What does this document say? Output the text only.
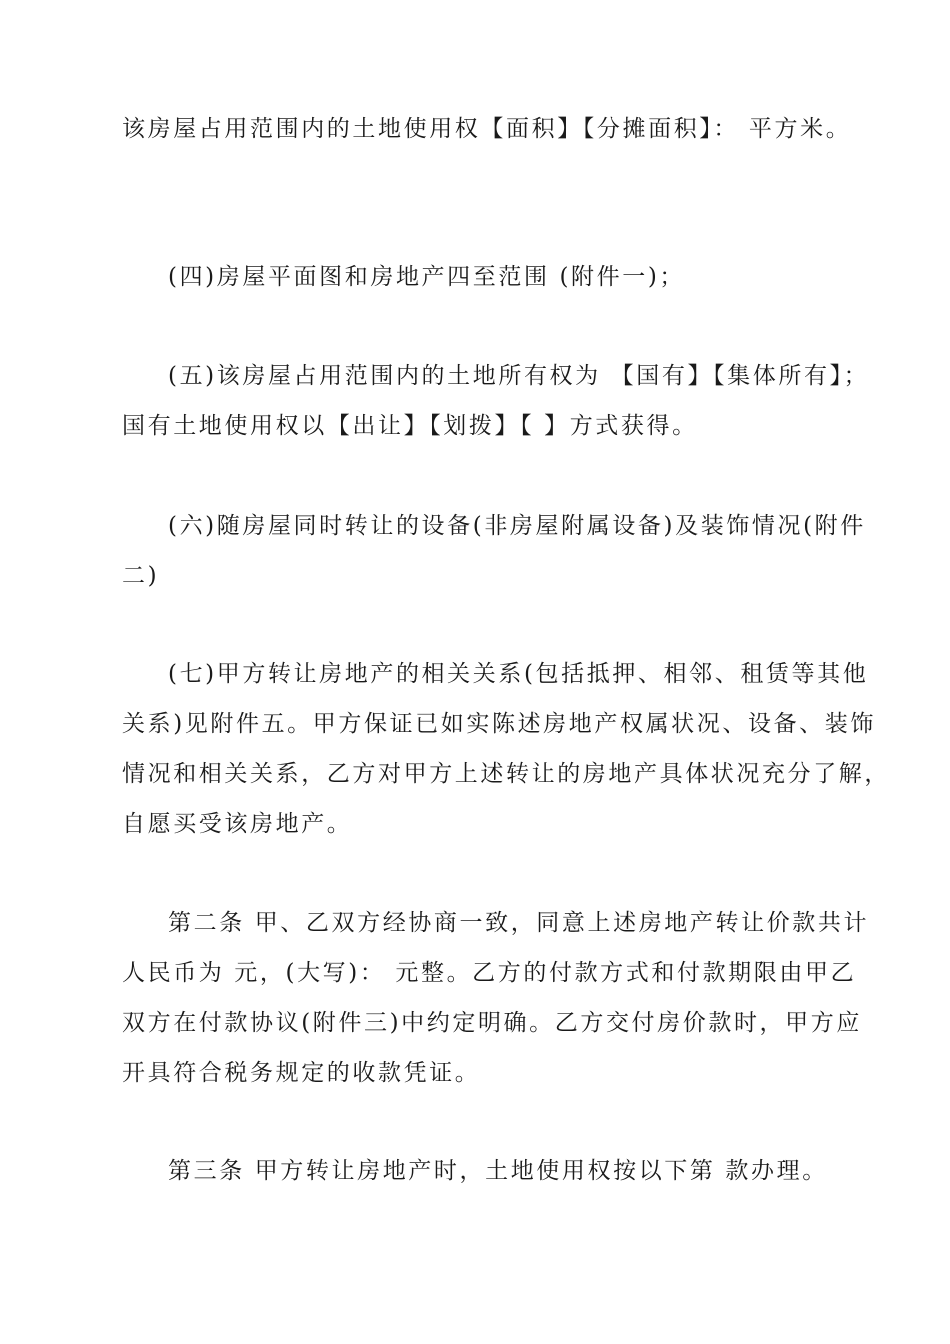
该房屋占用范围内的土地使用权【面积】【分摊面积】： 平方米。
(四)房屋平面图和房地产四至范围 (附件一)；
(五)该房屋占用范围内的土地所有权为 【国有】【集体所有】；
国有土地使用权以【出让】【划拨】【 】方式获得。
(六)随房屋同时转让的设备(非房屋附属设备)及装饰情况(附件
二)
(七)甲方转让房地产的相关关系(包括抵押、相邻、租赁等其他
关系)见附件五。甲方保证已如实陈述房地产权属状况、设备、装饰
情况和相关关系，乙方对甲方上述转让的房地产具体状况充分了解，
自愿买受该房地产。
第二条 甲、乙双方经协商一致，同意上述房地产转让价款共计
人民币为 元，(大写)： 元整。乙方的付款方式和付款期限由甲乙
双方在付款协议(附件三)中约定明确。乙方交付房价款时，甲方应
开具符合税务规定的收款凭证。
第三条 甲方转让房地产时，土地使用权按以下第 款办理。
